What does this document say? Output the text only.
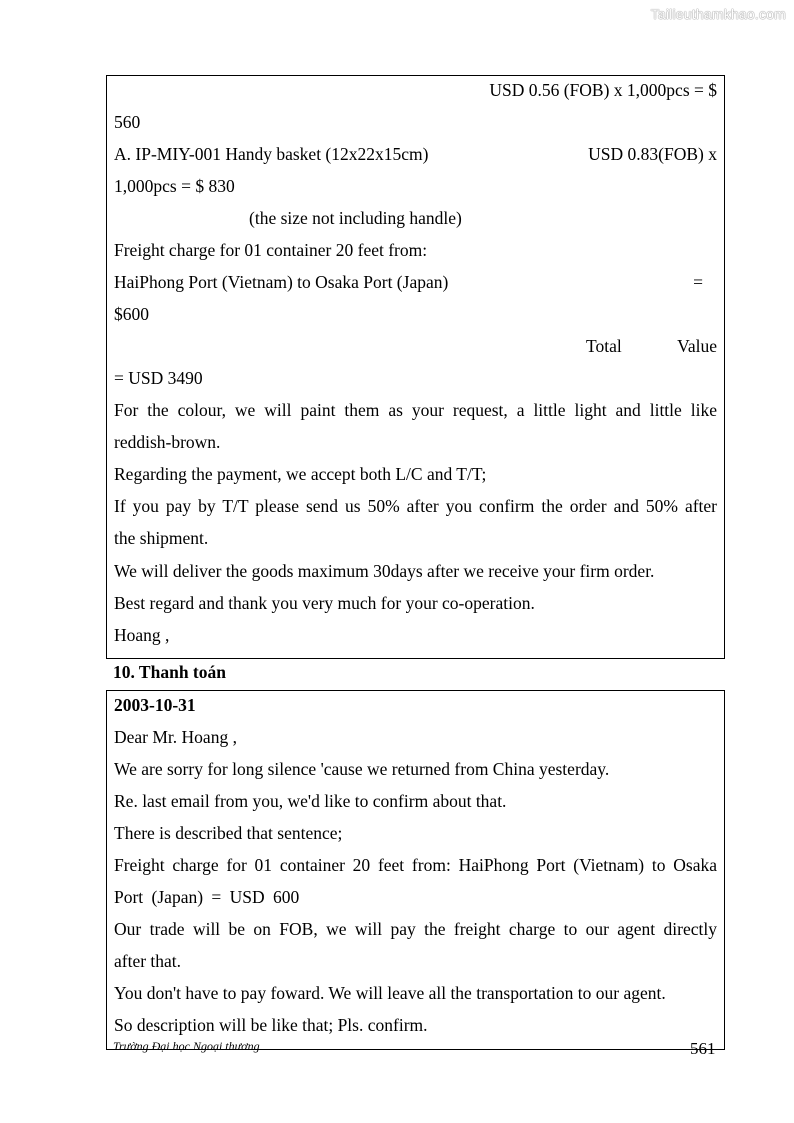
Tailieuthamkhao.com
USD 0.56 (FOB) x 1,000pcs = $
560
A. IP-MIY-001 Handy basket (12x22x15cm)	USD 0.83(FOB) x
1,000pcs = $ 830
(the size not including handle)
Freight charge for 01 container 20 feet from:
HaiPhong Port (Vietnam) to Osaka Port (Japan)	=
$600
Total	Value
= USD 3490
For the colour, we will paint them as your request, a little light and little like
reddish-brown.
Regarding the payment, we accept both L/C and T/T;
If you pay by T/T please send us 50% after you confirm the order and 50% after
the shipment.
We will deliver the goods maximum 30days after we receive your firm order.
Best regard and thank you very much for your co-operation.
Hoang ,
10. Thanh toán
2003-10-31
Dear Mr. Hoang ,
We are sorry for long silence 'cause we returned from China yesterday.
Re. last email from you, we'd like to confirm about that.
There is described that sentence;
Freight charge for 01 container 20 feet from: HaiPhong Port (Vietnam) to Osaka
Port (Japan) = USD 600
Our trade will be on FOB, we will pay the freight charge to our agent directly
after that.
You don't have to pay foward. We will leave all the transportation to our agent.
So description will be like that; Pls. confirm.
Trường Đại học Ngoại thương	561
